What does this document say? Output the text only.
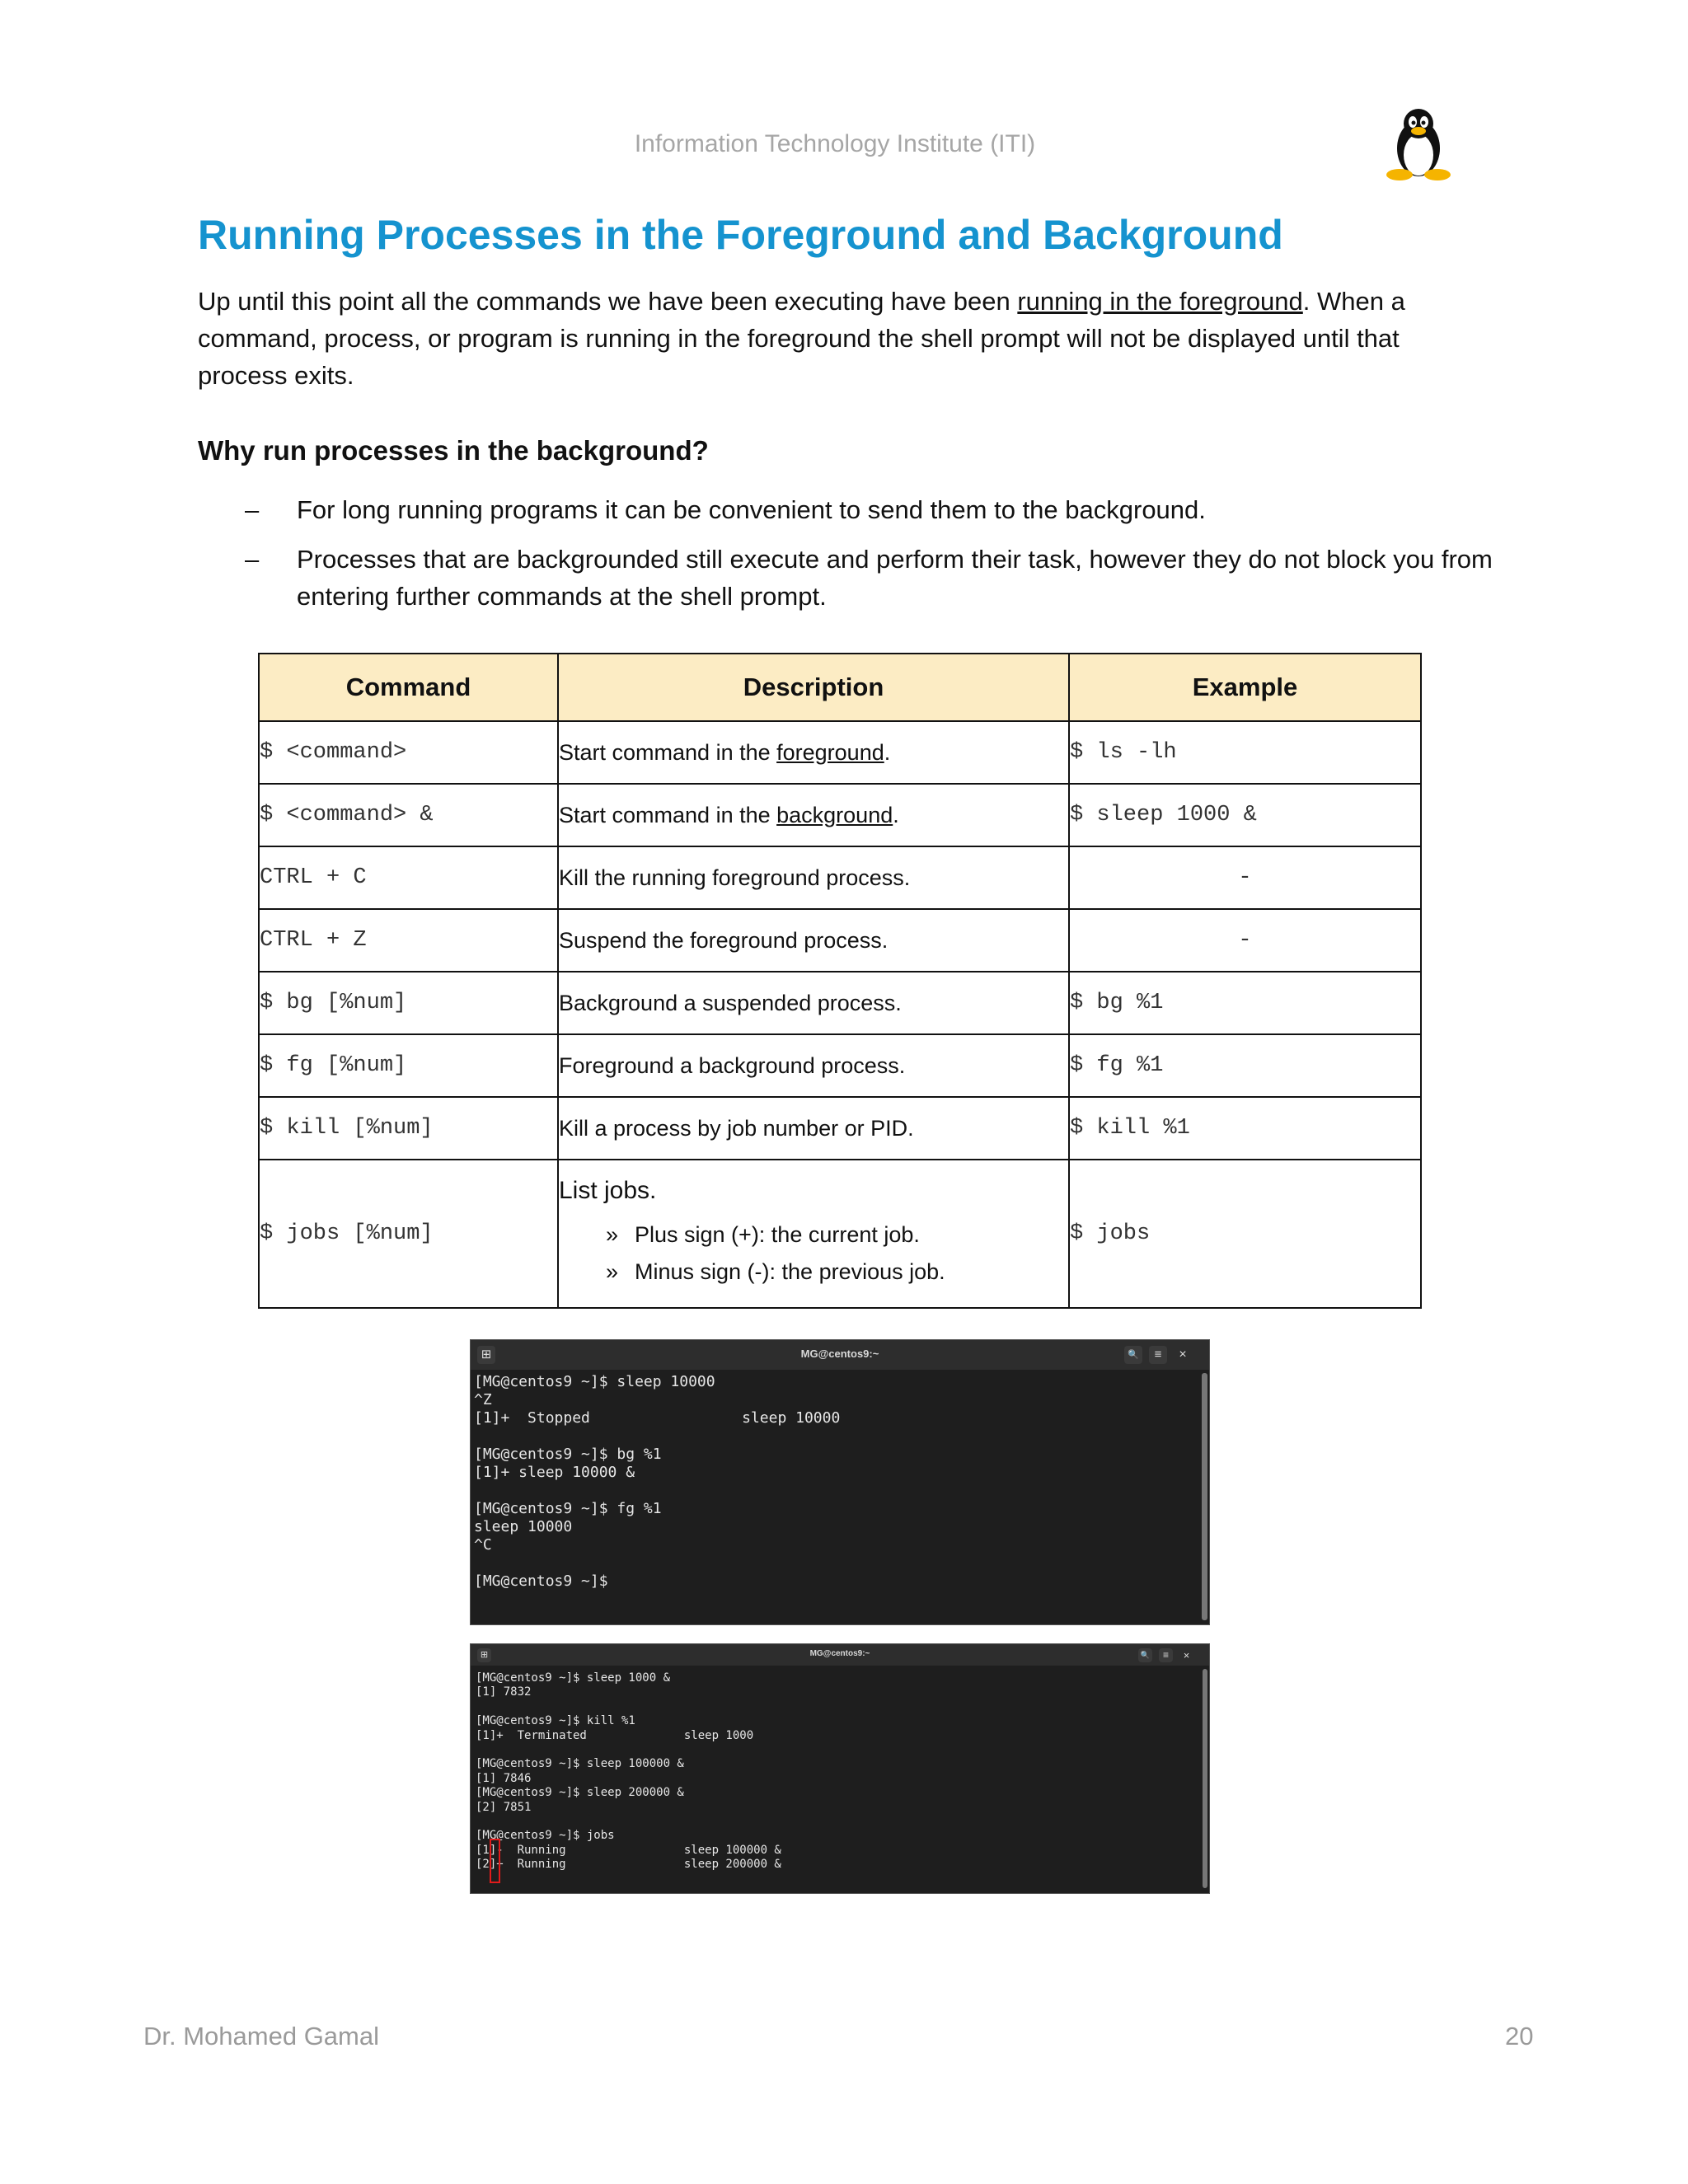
Information Technology Institute (ITI)
Running Processes in the Foreground and Background

Up until this point all the commands we have been executing have been running in the foreground. When a command, process, or program is running in the foreground the shell prompt will not be displayed until that process exits.

Why run processes in the background?
– For long running programs it can be convenient to send them to the background.
– Processes that are backgrounded still execute and perform their task, however they do not block you from entering further commands at the shell prompt.
Command	Description	Example
$ <command>	Start command in the foreground.	$ ls -lh
$ <command> &	Start command in the background.	$ sleep 1000 &
CTRL + C	Kill the running foreground process.	-
CTRL + Z	Suspend the foreground process.	-
$ bg [%num]	Background a suspended process.	$ bg %1
$ fg [%num]	Foreground a background process.	$ fg %1
$ kill [%num]	Kill a process by job number or PID.	$ kill %1
$ jobs [%num]	List jobs.
» Plus sign (+): the current job.
» Minus sign (-): the previous job.	$ jobs
⊞	MG@centos9:~	🔍	≡	×
[MG@centos9 ~]$ sleep 10000
^Z
[1]+  Stopped                 sleep 10000

[MG@centos9 ~]$ bg %1
[1]+ sleep 10000 &

[MG@centos9 ~]$ fg %1
sleep 10000
^C

[MG@centos9 ~]$
⊞	MG@centos9:~	🔍	≡	×
[MG@centos9 ~]$ sleep 1000 &
[1] 7832

[MG@centos9 ~]$ kill %1
[1]+  Terminated              sleep 1000

[MG@centos9 ~]$ sleep 100000 &
[1] 7846
[MG@centos9 ~]$ sleep 200000 &
[2] 7851

[MG@centos9 ~]$ jobs
[1]-  Running                 sleep 100000 &
[2]+  Running                 sleep 200000 &
Dr. Mohamed Gamal	20
